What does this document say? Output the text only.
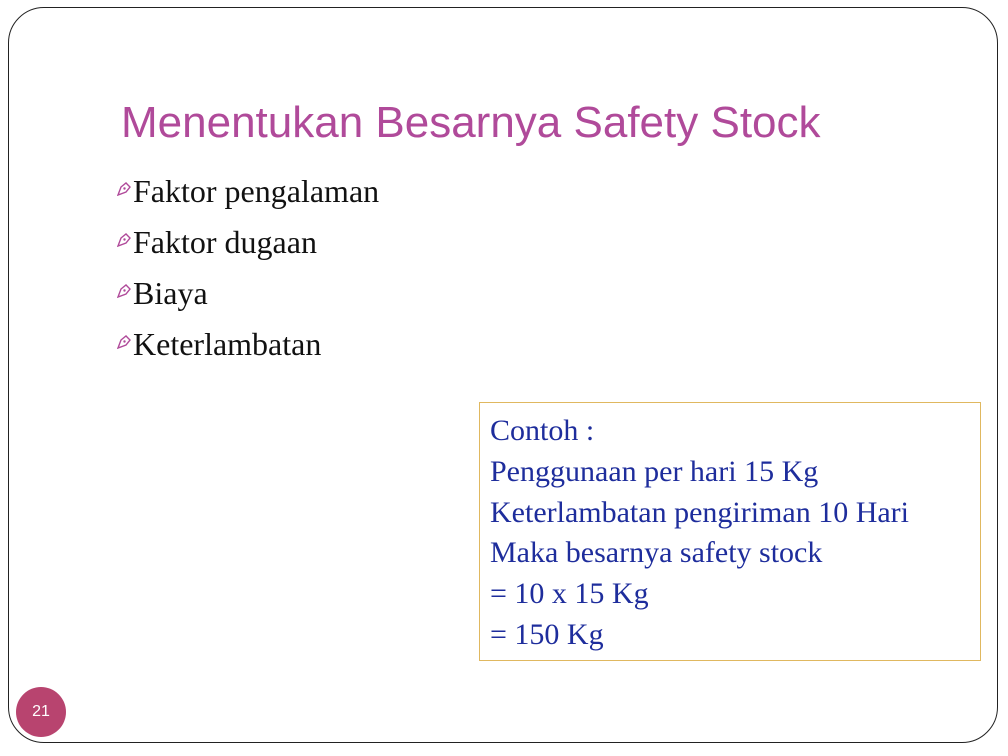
Menentukan Besarnya Safety Stock
Faktor pengalaman
Faktor dugaan
Biaya
Keterlambatan
Contoh :
Penggunaan per hari 15 Kg
Keterlambatan pengiriman 10 Hari
Maka besarnya safety stock
= 10 x 15 Kg
= 150 Kg
21
